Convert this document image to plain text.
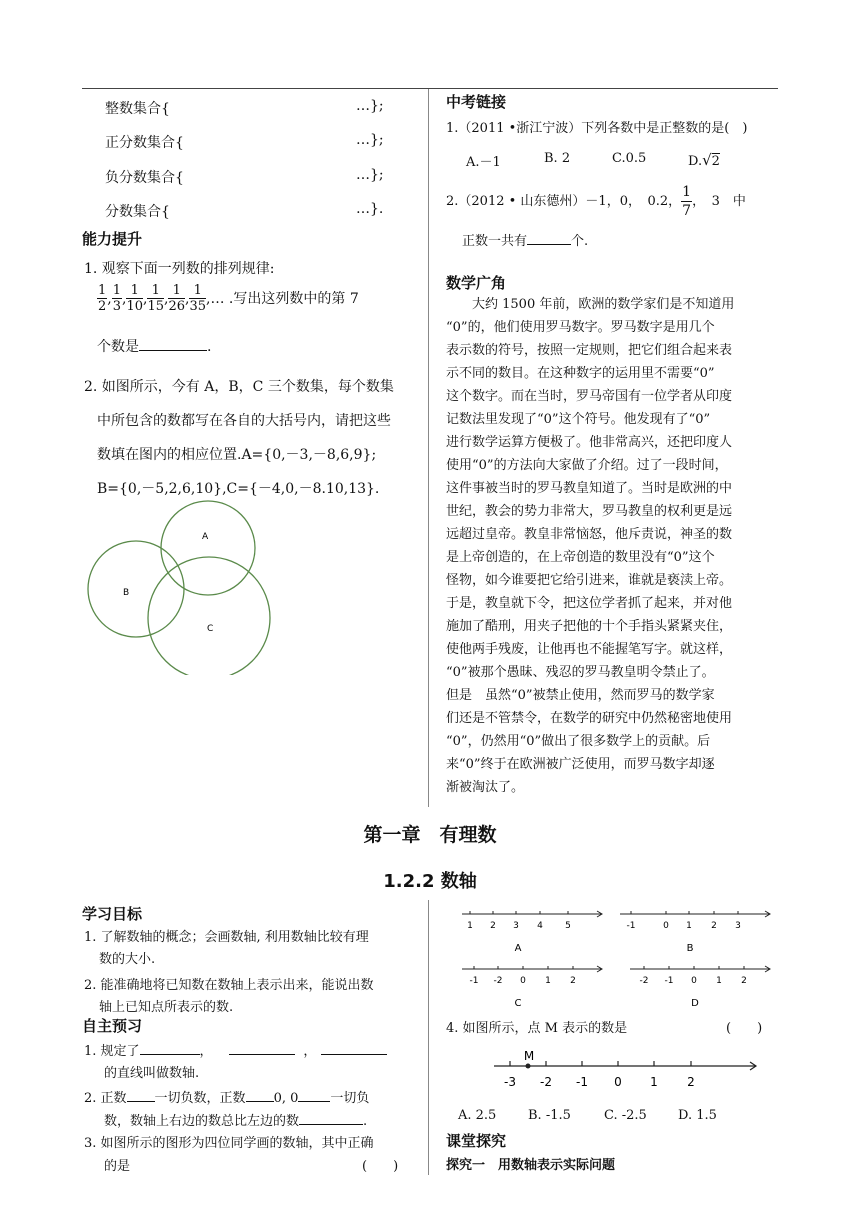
整数集合{	…};
正分数集合{	…};
负分数集合{	…};
分数集合{	…}.
能力提升
1. 观察下面一列数的排列规律:
$\frac{1}{2}$ , $\frac{1}{3}$ , $\frac{1}{10}$ , $\frac{1}{15}$ , $\frac{1}{26}$ , $\frac{1}{35}$ ,… .写出这列数中的第 7
个数是	.
2. 如图所示，今有 A，B，C 三个数集，每个数集
中所包含的数都写在各自的大括号内，请把这些
数填在图内的相应位置.A={0,－3,－8,6,9};
B={0,－5,2,6,10},C={－4,0,－8.10,13}.
A
B
C
中考链接
1.（2011 •浙江宁波）下列各数中是正整数的是(　)
A.－1	B. 2	C.0.5	D.√2
2.（2012 • 山东德州）－1，0，　0.2， $\frac{1}{7}$ ，　3　中
正数一共有	个.
数学广角
　　大约 1500 年前，欧洲的数学家们是不知道用
“0”的，他们使用罗马数字。罗马数字是用几个
表示数的符号，按照一定规则，把它们组合起来表
示不同的数目。在这种数字的运用里不需要“0”
这个数字。而在当时，罗马帝国有一位学者从印度
记数法里发现了“0”这个符号。他发现有了“0”
进行数学运算方便极了。他非常高兴，还把印度人
使用“0”的方法向大家做了介绍。过了一段时间，
这件事被当时的罗马教皇知道了。当时是欧洲的中
世纪，教会的势力非常大，罗马教皇的权利更是远
远超过皇帝。教皇非常恼怒，他斥责说，神圣的数
是上帝创造的，在上帝创造的数里没有“0”这个
怪物，如今谁要把它给引进来，谁就是亵渎上帝。
于是，教皇就下令，把这位学者抓了起来，并对他
施加了酷刑，用夹子把他的十个手指头紧紧夹住，
使他两手残废，让他再也不能握笔写字。就这样，
“0”被那个愚昧、残忍的罗马教皇明令禁止了。
但是　虽然“0”被禁止使用，然而罗马的数学家
们还是不管禁令，在数学的研究中仍然秘密地使用
“0”，仍然用“0”做出了很多数学上的贡献。后
来“0”终于在欧洲被广泛使用，而罗马数字却逐
渐被淘汰了。
第一章　有理数
1.2.2 数轴
学习目标
1. 了解数轴的概念；会画数轴, 利用数轴比较有理
数的大小.
2. 能准确地将已知数在数轴上表示出来，能说出数
轴上已知点所表示的数.
自主预习
1. 规定了	，	，
的直线叫做数轴.
2. 正数 一切负数，正数 0, 0 一切负
数，数轴上右边的数总比左边的数	.
3. 如图所示的图形为四位同学画的数轴，其中正确
的是	(　　)
1 2 3 4 5
A
-1	0 1 2 3
B
-1 -2 0 1 2
C
-2 -1 0 1 2
D
4. 如图所示，点 M 表示的数是	(　　)
-3 -2 -1 0 1 2
M
A. 2.5 B. -1.5	C. -2.5 D. 1.5
课堂探究
探究一　用数轴表示实际问题
